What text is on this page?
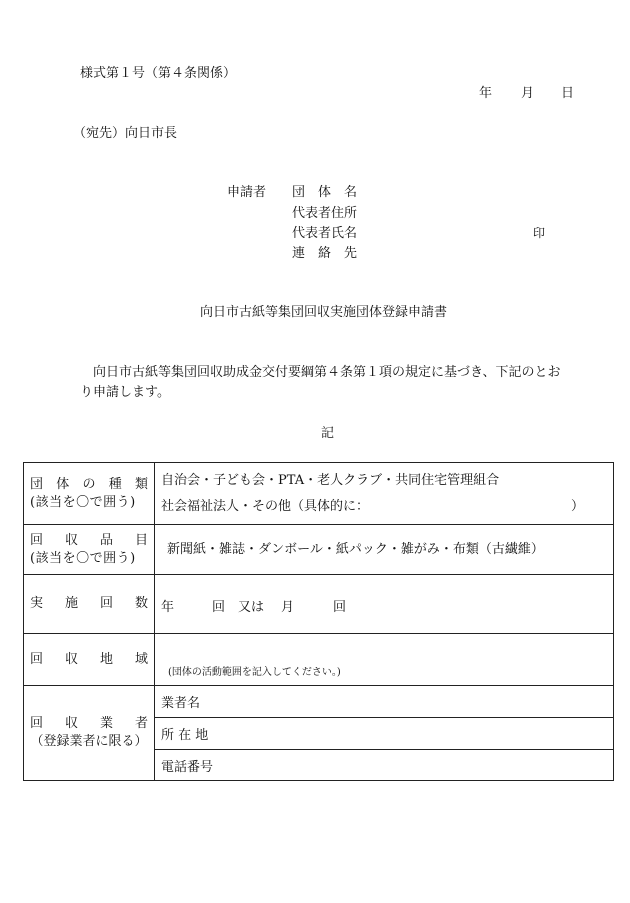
様式第１号（第４条関係）
年 月 日
（宛先）向日市長
申請者 団　体　名
代表者住所
代表者氏名	印
連　絡　先
向日市古紙等集団回収実施団体登録申請書
向日市古紙等集団回収助成金交付要綱第４条第１項の規定に基づき、下記のとお
り申請します。
記
団体の種類
(該当を〇で囲う)	自治会・子ども会・PTA・老人クラブ・共同住宅管理組合
社会福祉法人・その他（具体的に： ）

回収品目
(該当を〇で囲う)	新聞紙・雑誌・ダンボール・紙パック・雑がみ・布類（古繊維）

実施回数	年 回 又は 月 回

回収地域	(団体の活動範囲を記入してください。)

回収業者
（登録業者に限る）	業者名
	所 在 地
	電話番号
